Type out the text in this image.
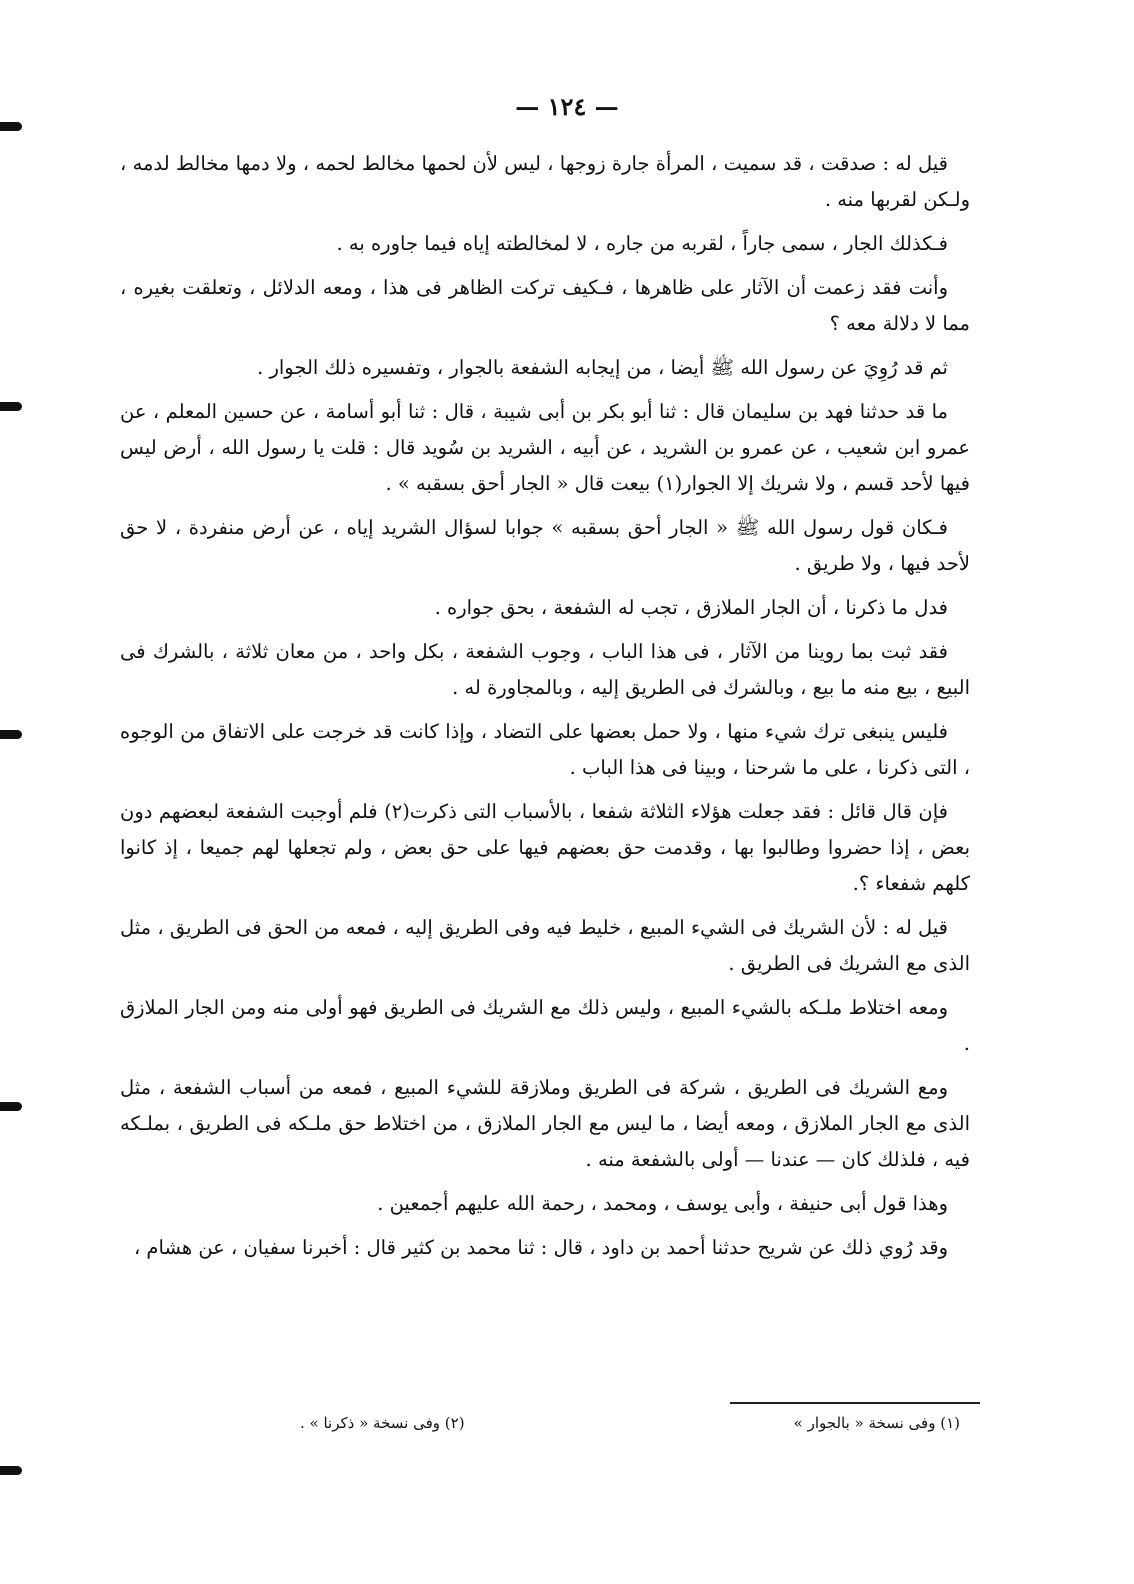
— ١٢٤ —

قيل له : صدقت ، قد سميت ، المرأة جارة زوجها ، ليس لأن لحمها مخالط لحمه ، ولا دمها مخالط لدمه ، ولـكن لقربها منه .

فـكذلك الجار ، سمى جاراً ، لقربه من جاره ، لا لمخالطته إياه فيما جاوره به .

وأنت فقد زعمت أن الآثار على ظاهرها ، فـكيف تركت الظاهر فى هذا ، ومعه الدلائل ، وتعلقت بغيره ، مما لا دلالة معه ؟

ثم قد رُوِيَ عن رسول الله ﷺ أيضا ، من إيجابه الشفعة بالجوار ، وتفسيره ذلك الجوار .

ما قد حدثنا فهد بن سليمان قال : ثنا أبو بكر بن أبى شيبة ، قال : ثنا أبو أسامة ، عن حسين المعلم ، عن عمرو ابن شعيب ، عن عمرو بن الشريد ، عن أبيه ، الشريد بن سُويد قال : قلت يا رسول الله ، أرض ليس فيها لأحد قسم ، ولا شريك إلا الجوار(١) بيعت قال « الجار أحق بسقبه » .

فـكان قول رسول الله ﷺ « الجار أحق بسقبه » جوابا لسؤال الشريد إياه ، عن أرض منفردة ، لا حق لأحد فيها ، ولا طريق .

فدل ما ذكرنا ، أن الجار الملازق ، تجب له الشفعة ، بحق جواره .

فقد ثبت بما روينا من الآثار ، فى هذا الباب ، وجوب الشفعة ، بكل واحد ، من معان ثلاثة ، بالشرك فى البيع ، بيع منه ما بيع ، وبالشرك فى الطريق إليه ، وبالمجاورة له .

فليس ينبغى ترك شيء منها ، ولا حمل بعضها على التضاد ، وإذا كانت قد خرجت على الاتفاق من الوجوه ، التى ذكرنا ، على ما شرحنا ، وبينا فى هذا الباب .

فإن قال قائل : فقد جعلت هؤلاء الثلاثة شفعا ، بالأسباب التى ذكرت(٢) فلم أوجبت الشفعة لبعضهم دون بعض ، إذا حضروا وطالبوا بها ، وقدمت حق بعضهم فيها على حق بعض ، ولم تجعلها لهم جميعا ، إذ كانوا كلهم شفعاء ؟.

قيل له : لأن الشريك فى الشيء المبيع ، خليط فيه وفى الطريق إليه ، فمعه من الحق فى الطريق ، مثل الذى مع الشريك فى الطريق .

ومعه اختلاط ملـكه بالشيء المبيع ، وليس ذلك مع الشريك فى الطريق فهو أولى منه ومن الجار الملازق .

ومع الشريك فى الطريق ، شركة فى الطريق وملازقة للشيء المبيع ، فمعه من أسباب الشفعة ، مثل الذى مع الجار الملازق ، ومعه أيضا ، ما ليس مع الجار الملازق ، من اختلاط حق ملـكه فى الطريق ، بملـكه فيه ، فلذلك كان — عندنا — أولى بالشفعة منه .

وهذا قول أبى حنيفة ، وأبى يوسف ، ومحمد ، رحمة الله عليهم أجمعين .

وقد رُوي ذلك عن شريح حدثنا أحمد بن داود ، قال : ثنا محمد بن كثير قال : أخبرنا سفيان ، عن هشام ،

(١) وفى نسخة « بالجوار »
(٢) وفى نسخة « ذكرنا » .
